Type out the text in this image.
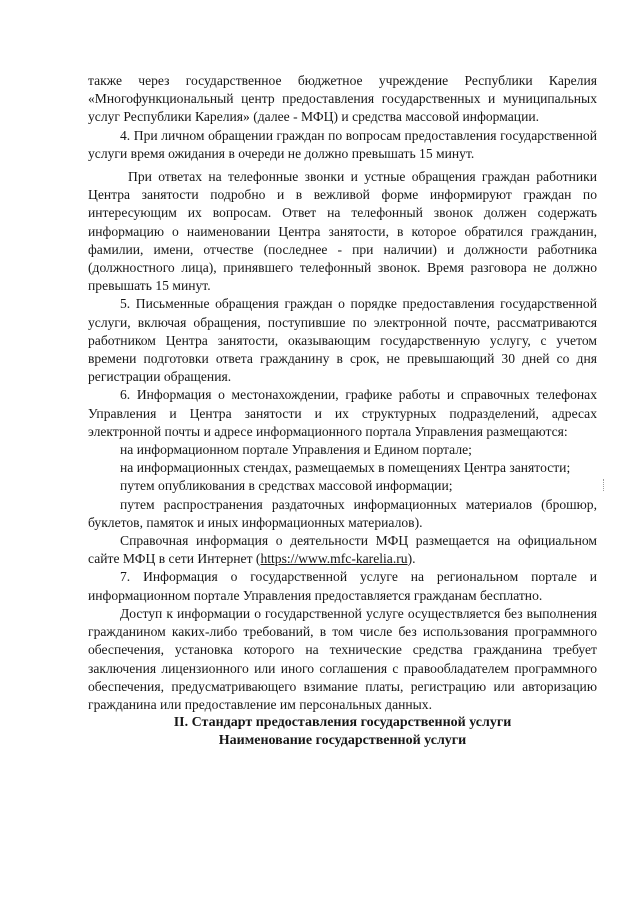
также через государственное бюджетное учреждение Республики Карелия «Многофункциональный центр предоставления государственных и муниципальных услуг Республики Карелия» (далее - МФЦ) и средства массовой информации.

4. При личном обращении граждан по вопросам предоставления государственной услуги время ожидания в очереди не должно превышать 15 минут.

При ответах на телефонные звонки и устные обращения граждан работники Центра занятости подробно и в вежливой форме информируют граждан по интересующим их вопросам. Ответ на телефонный звонок должен содержать информацию о наименовании Центра занятости, в которое обратился гражданин, фамилии, имени, отчестве (последнее - при наличии) и должности работника (должностного лица), принявшего телефонный звонок. Время разговора не должно превышать 15 минут.

5. Письменные обращения граждан о порядке предоставления государственной услуги, включая обращения, поступившие по электронной почте, рассматриваются работником Центра занятости, оказывающим государственную услугу, с учетом времени подготовки ответа гражданину в срок, не превышающий 30 дней со дня регистрации обращения.

6. Информация о местонахождении, графике работы и справочных телефонах Управления и Центра занятости и их структурных подразделений, адресах электронной почты и адресе информационного портала Управления размещаются:

на информационном портале Управления и Едином портале;

на информационных стендах, размещаемых в помещениях Центра занятости;

путем опубликования в средствах массовой информации;

путем распространения раздаточных информационных материалов (брошюр, буклетов, памяток и иных информационных материалов).

Справочная информация о деятельности МФЦ размещается на официальном сайте МФЦ в сети Интернет (https://www.mfc-karelia.ru).

7. Информация о государственной услуге на региональном портале и информационном портале Управления предоставляется гражданам бесплатно.

Доступ к информации о государственной услуге осуществляется без выполнения гражданином каких-либо требований, в том числе без использования программного обеспечения, установка которого на технические средства гражданина требует заключения лицензионного или иного соглашения с правообладателем программного обеспечения, предусматривающего взимание платы, регистрацию или авторизацию гражданина или предоставление им персональных данных.

II. Стандарт предоставления государственной услуги

Наименование государственной услуги
